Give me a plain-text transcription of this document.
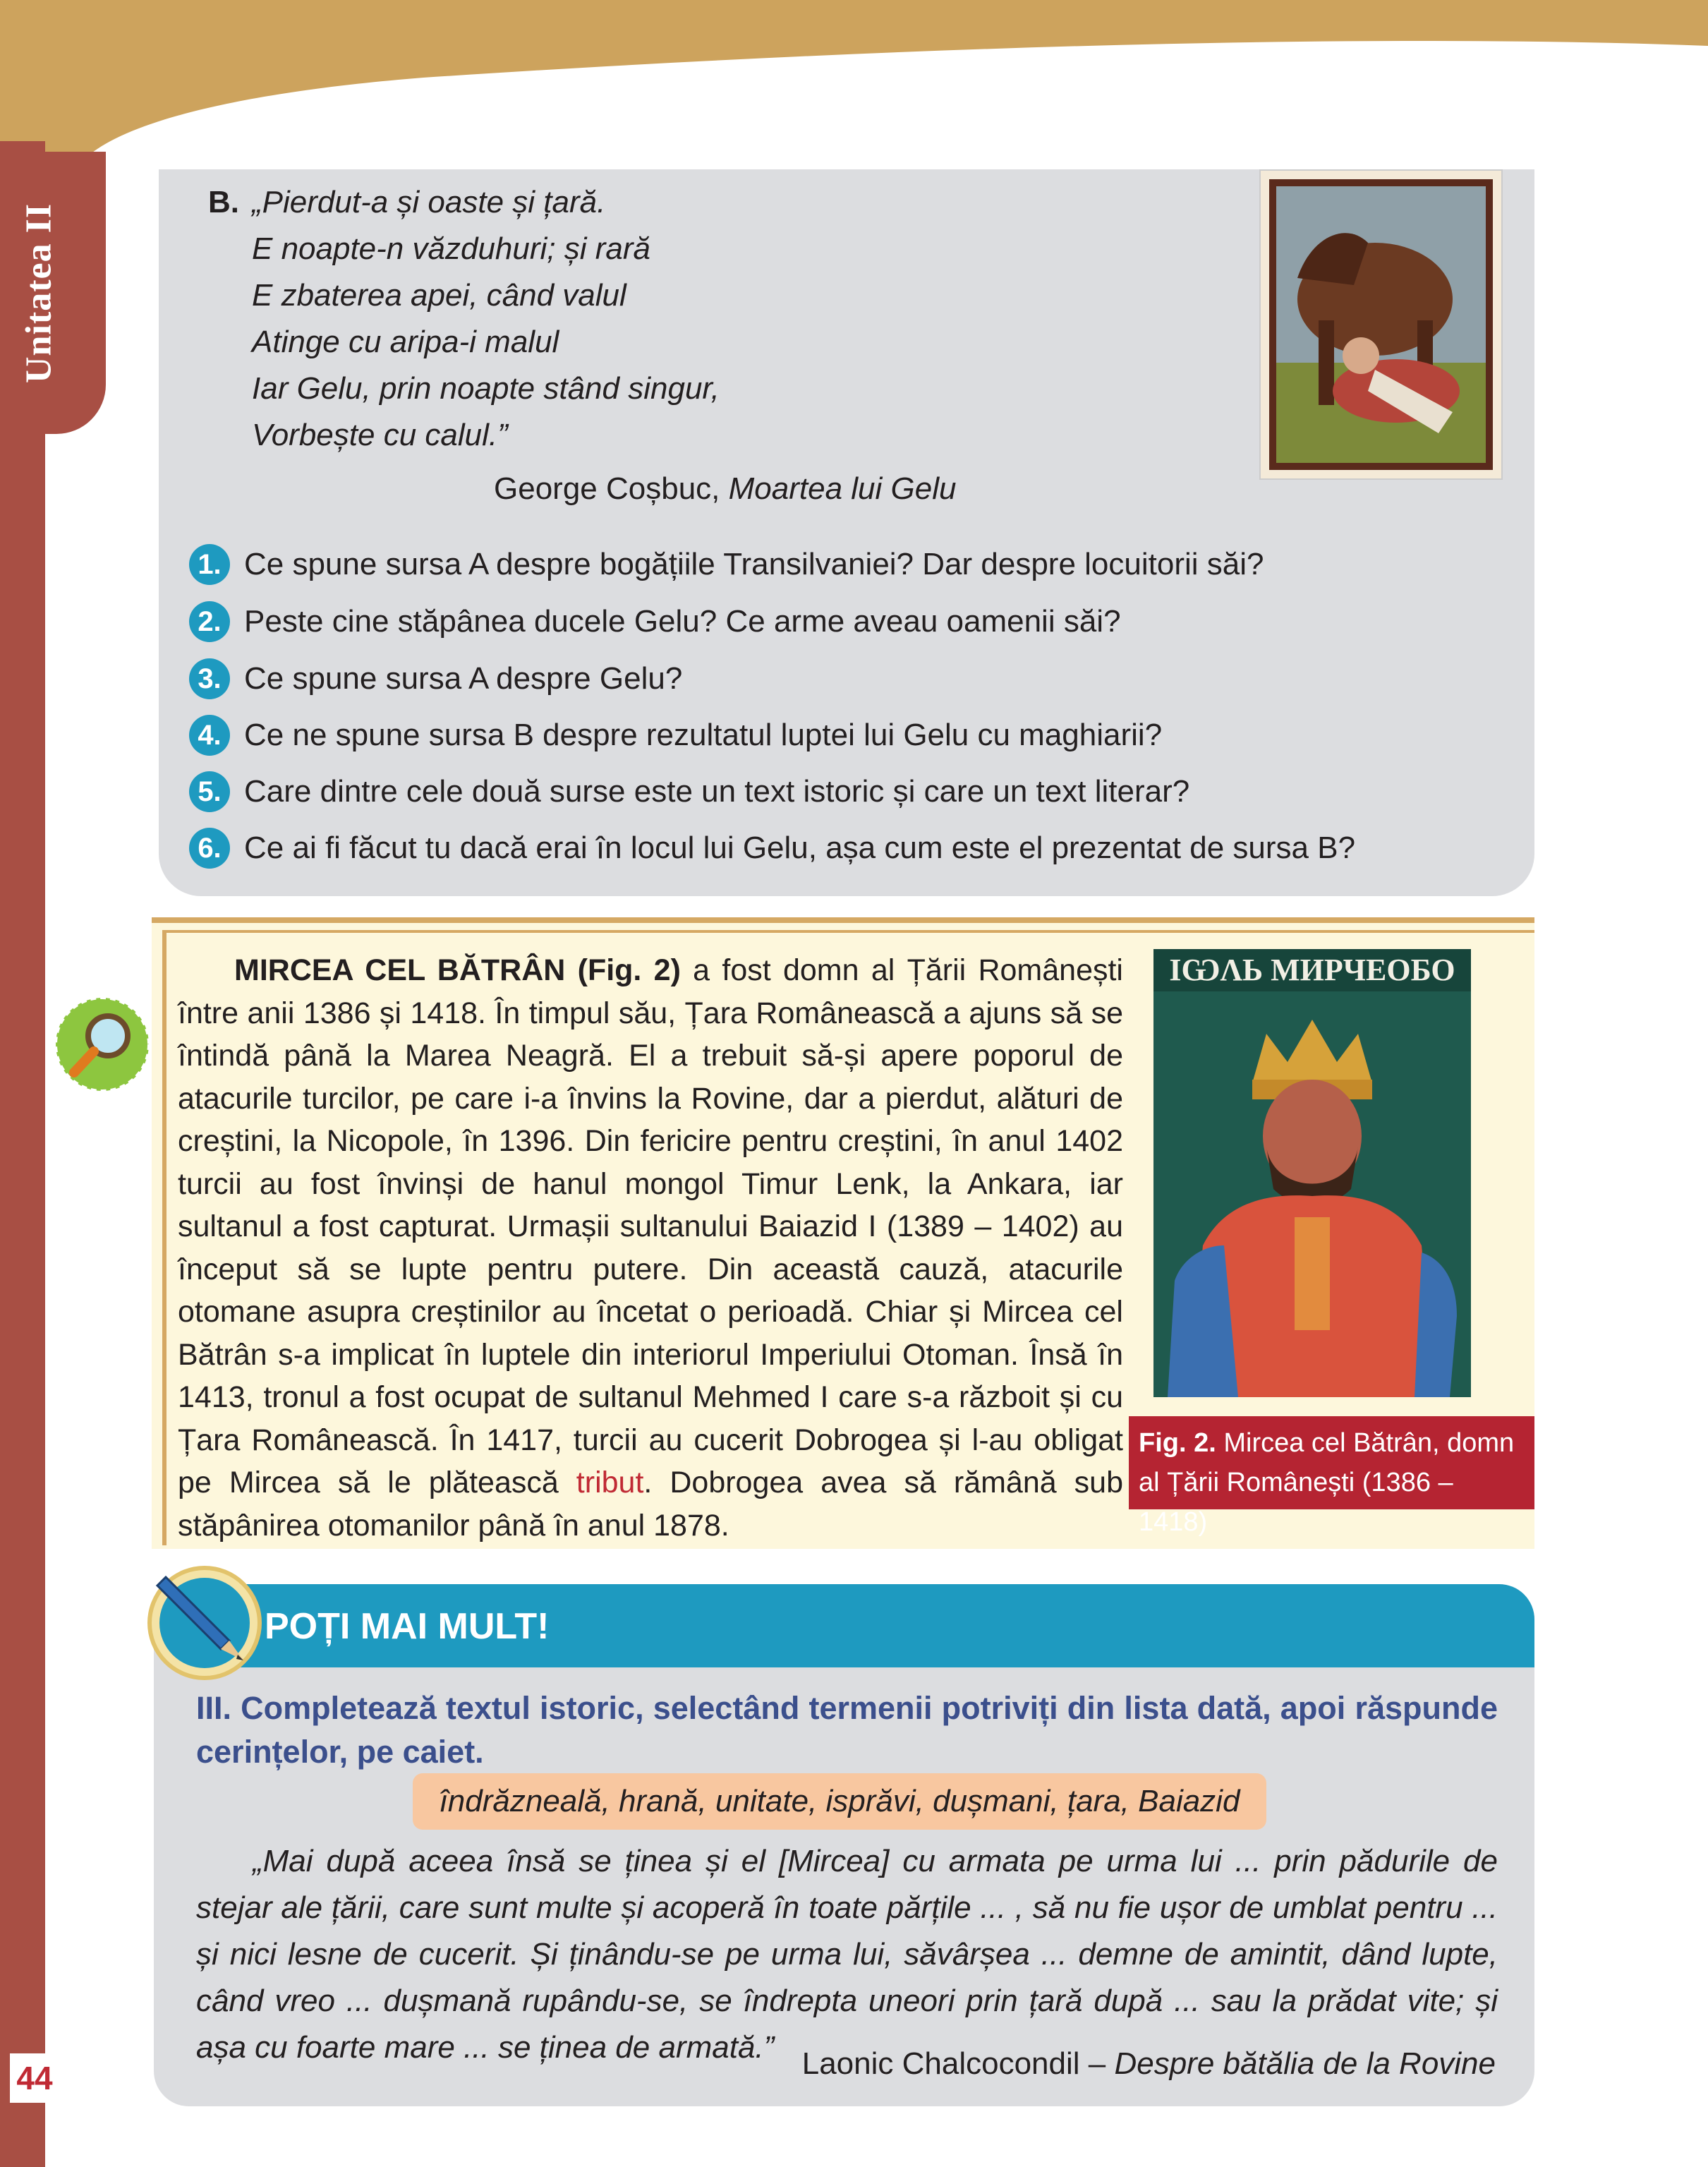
Unitatea II
44
B. „Pierdut-a și oaste și țară.
E noapte-n văzduhuri; și rară
E zbaterea apei, când valul
Atinge cu aripa-i malul
Iar Gelu, prin noapte stând singur,
Vorbește cu calul.”
George Coșbuc, Moartea lui Gelu
1. Ce spune sursa A despre bogățiile Transilvaniei? Dar despre locuitorii săi?
2. Peste cine stăpânea ducele Gelu? Ce arme aveau oamenii săi?
3. Ce spune sursa A despre Gelu?
4. Ce ne spune sursa B despre rezultatul luptei lui Gelu cu maghiarii?
5. Care dintre cele două surse este un text istoric și care un text literar?
6. Ce ai fi făcut tu dacă erai în locul lui Gelu, așa cum este el prezentat de sursa B?
MIRCEA CEL BĂTRÂN (Fig. 2) a fost domn al Țării Românești între anii 1386 și 1418. În timpul său, Țara Românească a ajuns să se întindă până la Marea Neagră. El a trebuit să-și apere poporul de atacurile turcilor, pe care i-a învins la Rovine, dar a pierdut, alături de creștini, la Nicopole, în 1396. Din fericire pentru creștini, în anul 1402 turcii au fost învinși de hanul mongol Timur Lenk, la Ankara, iar sultanul a fost capturat. Urmașii sultanului Baiazid I (1389 – 1402) au început să se lupte pentru putere. Din această cauză, atacurile otomane asupra creștinilor au încetat o perioadă. Chiar și Mircea cel Bătrân s-a implicat în luptele din interiorul Imperiului Otoman. Însă în 1413, tronul a fost ocupat de sultanul Mehmed I care s-a războit și cu Țara Românească. În 1417, turcii au cucerit Dobrogea și l-au obligat pe Mircea să le plătească tribut. Dobrogea avea să rămână sub stăpânirea otomanilor până în anul 1878.
IѠΛЬ МИРЧЕОБО
Fig. 2. Mircea cel Bătrân, domn al Țării Românești (1386 – 1418)
POȚI MAI MULT!
III. Completează textul istoric, selectând termenii potriviți din lista dată, apoi răspunde cerințelor, pe caiet.
îndrăzneală, hrană, unitate, isprăvi, dușmani, țara, Baiazid
„Mai după aceea însă se ținea și el [Mircea] cu armata pe urma lui ... prin pădurile de stejar ale țării, care sunt multe și acoperă în toate părțile ... , să nu fie ușor de umblat pentru ... și nici lesne de cucerit. Și ținându-se pe urma lui, săvârșea ... demne de amintit, dând lupte, când vreo ... dușmană rupându-se, se îndrepta uneori prin țară după ... sau la prădat vite; și așa cu foarte mare ... se ținea de armată.” Laonic Chalcocondil – Despre bătălia de la Rovine
